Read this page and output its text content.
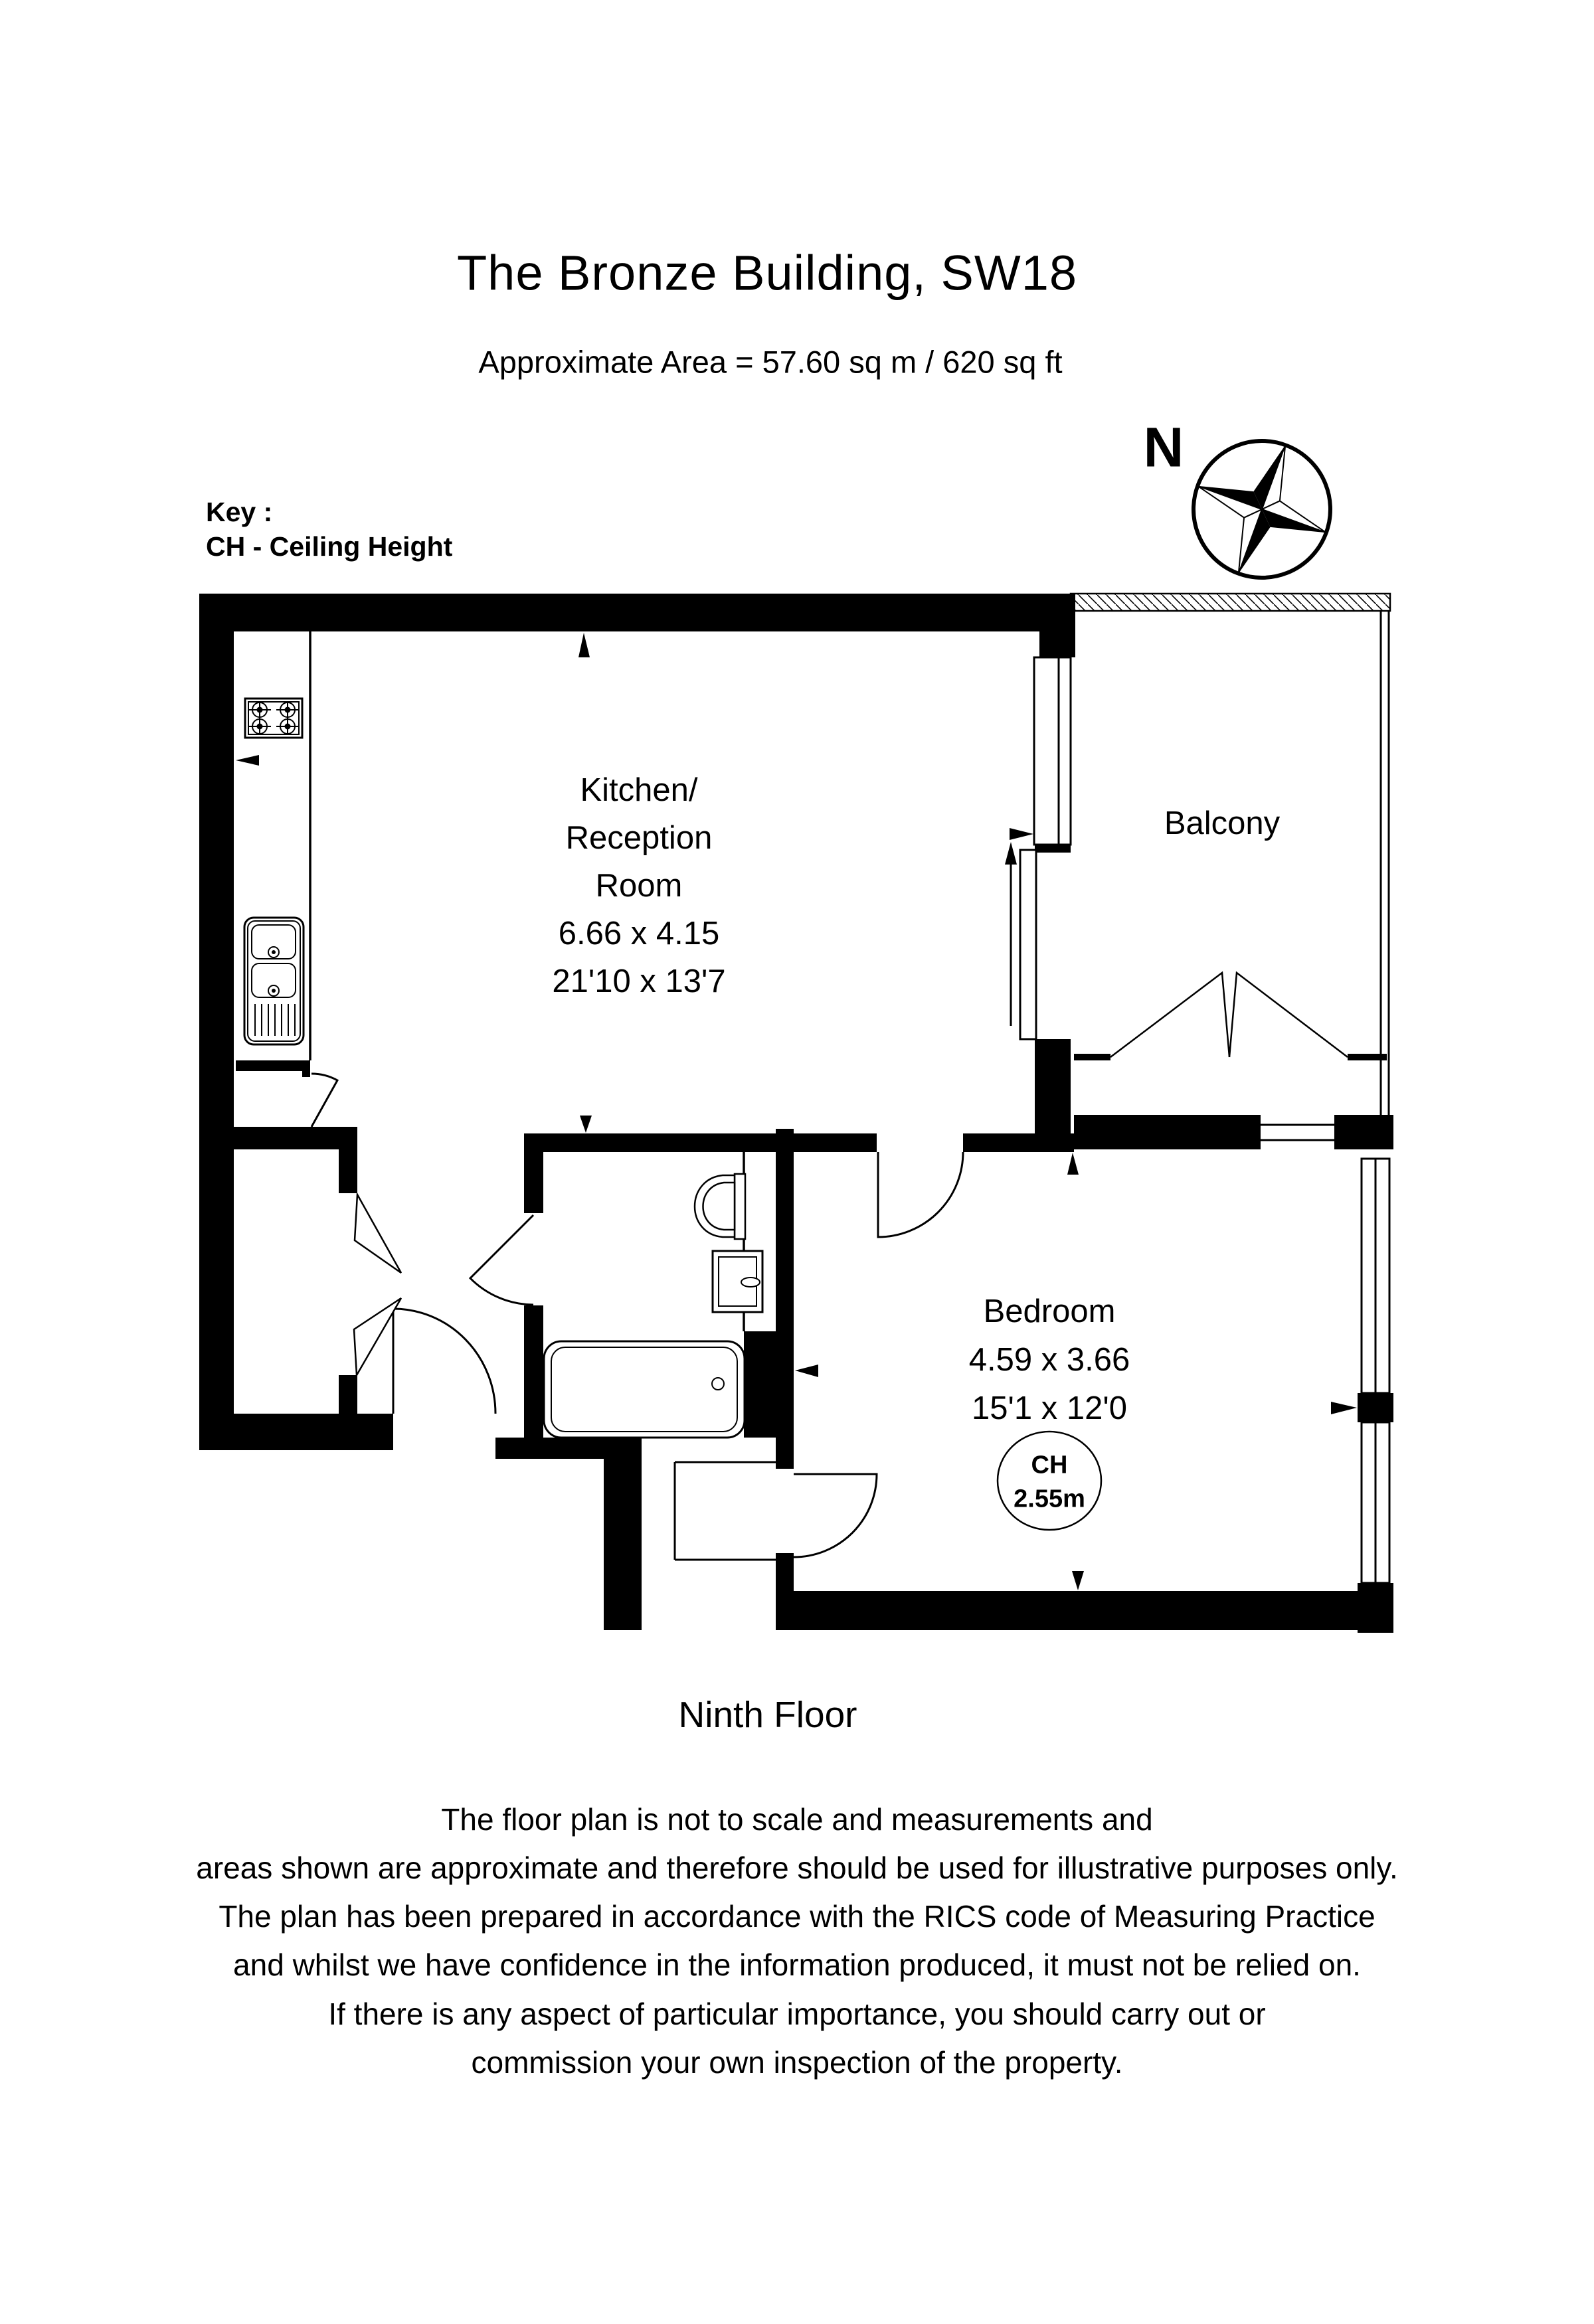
The Bronze Building, SW18
Approximate Area = 57.60 sq m / 620 sq ft
Key :
CH - Ceiling Height
N
Balcony
Kitchen/
Reception
Room
6.66 x 4.15
21'10 x 13'7
Bedroom
4.59 x 3.66
15'1 x 12'0
CH
2.55m
Ninth Floor
The floor plan is not to scale and measurements and
areas shown are approximate and therefore should be used for illustrative purposes only.
The plan has been prepared in accordance with the RICS code of Measuring Practice
and whilst we have confidence in the information produced, it must not be relied on.
If there is any aspect of particular importance, you should carry out or
commission your own inspection of the property.
